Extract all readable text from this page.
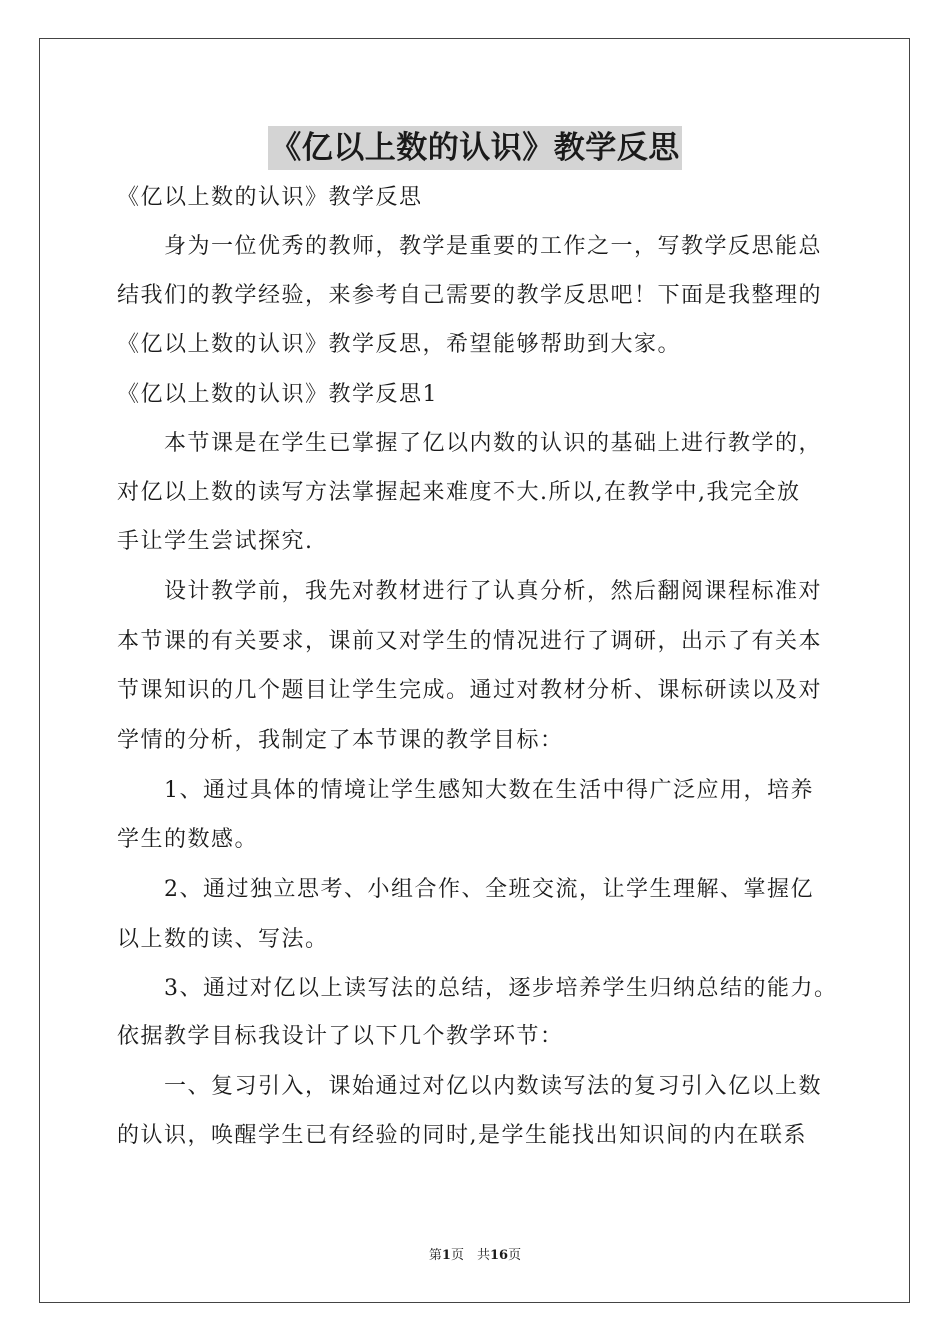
《亿以上数的认识》教学反思
《亿以上数的认识》教学反思
　　身为一位优秀的教师，教学是重要的工作之一，写教学反思能总
结我们的教学经验，来参考自己需要的教学反思吧！下面是我整理的
《亿以上数的认识》教学反思，希望能够帮助到大家。
《亿以上数的认识》教学反思1
　　本节课是在学生已掌握了亿以内数的认识的基础上进行教学的，
对亿以上数的读写方法掌握起来难度不大.所以,在教学中,我完全放
手让学生尝试探究.
　　设计教学前，我先对教材进行了认真分析，然后翻阅课程标准对
本节课的有关要求，课前又对学生的情况进行了调研，出示了有关本
节课知识的几个题目让学生完成。通过对教材分析、课标研读以及对
学情的分析，我制定了本节课的教学目标：
　　1、通过具体的情境让学生感知大数在生活中得广泛应用，培养
学生的数感。
　　2、通过独立思考、小组合作、全班交流，让学生理解、掌握亿
以上数的读、写法。
　　3、通过对亿以上读写法的总结，逐步培养学生归纳总结的能力。
依据教学目标我设计了以下几个教学环节：
　　一、复习引入，课始通过对亿以内数读写法的复习引入亿以上数
的认识，唤醒学生已有经验的同时,是学生能找出知识间的内在联系
第1页　共16页
